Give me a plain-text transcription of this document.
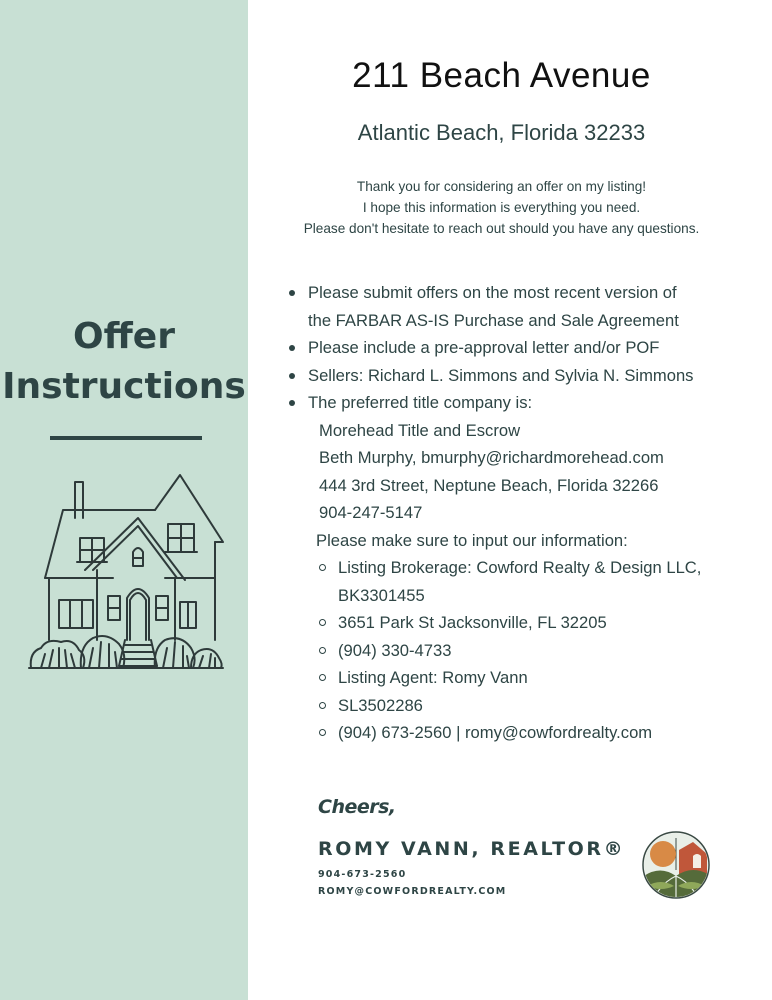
Offer
Instructions
211 Beach Avenue
Atlantic Beach, Florida 32233
Thank you for considering an offer on my listing!
I hope this information is everything you need.
Please don't hesitate to reach out should you have any questions.
Please submit offers on the most recent version of
the FARBAR AS-IS Purchase and Sale Agreement
Please include a pre-approval letter and/or POF
Sellers: Richard L. Simmons and Sylvia N. Simmons
The preferred title company is:
Morehead Title and Escrow
Beth Murphy, bmurphy@richardmorehead.com
444 3rd Street, Neptune Beach, Florida 32266
904-247-5147
Please make sure to input our information:
Listing Brokerage: Cowford Realty & Design LLC,
BK3301455
3651 Park St Jacksonville, FL 32205
(904) 330-4733
Listing Agent: Romy Vann
SL3502286
(904) 673-2560 | romy@cowfordrealty.com
Cheers,
ROMY VANN, REALTOR®
904-673-2560
ROMY@COWFORDREALTY.COM
